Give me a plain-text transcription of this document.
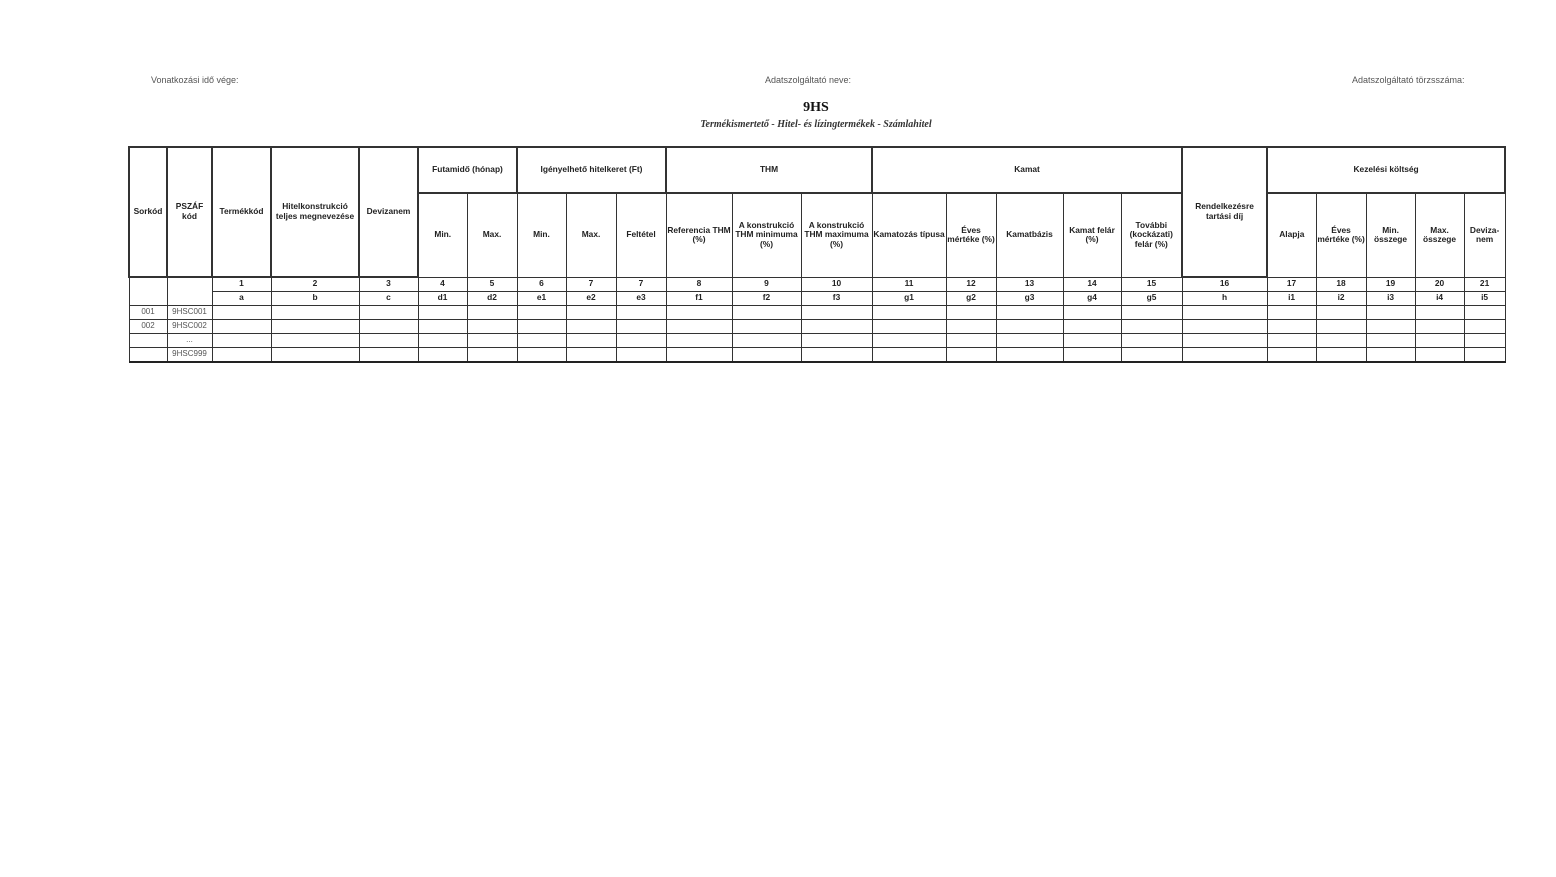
Vonatkozási idő vége:	Adatszolgáltató neve:	Adatszolgáltató törzsszáma:
9HS
Termékismertető - Hitel- és lízingtermékek - Számlahitel
Sorkód	PSZÁF kód	Termékkód	Hitelkonstrukció teljes megnevezése	Devizanem	Futamidő (hónap)		Igényelhető hitelkeret (Ft)			THM			Kamat					Rendelkezésre tartási díj	Kezelési költség				
					Min.	Max.	Min.	Max.	Feltétel	Referencia THM (%)	A konstrukció THM minimuma (%)	A konstrukció THM maximuma (%)	Kamatozás típusa	Éves mértéke (%)	Kamatbázis	Kamat felár (%)	További (kockázati) felár (%)		Alapja	Éves mértéke (%)	Min. összege	Max. összege	Deviza-nem
		1	2	3	4	5	6	7	7	8	9	10	11	12	13	14	15	16	17	18	19	20	21
		a	b	c	d1	d2	e1	e2	e3	f1	f2	f3	g1	g2	g3	g4	g5	h	i1	i2	i3	i4	i5
001	9HSC001																						
002	9HSC002																						
	...																						
	9HSC999																						
